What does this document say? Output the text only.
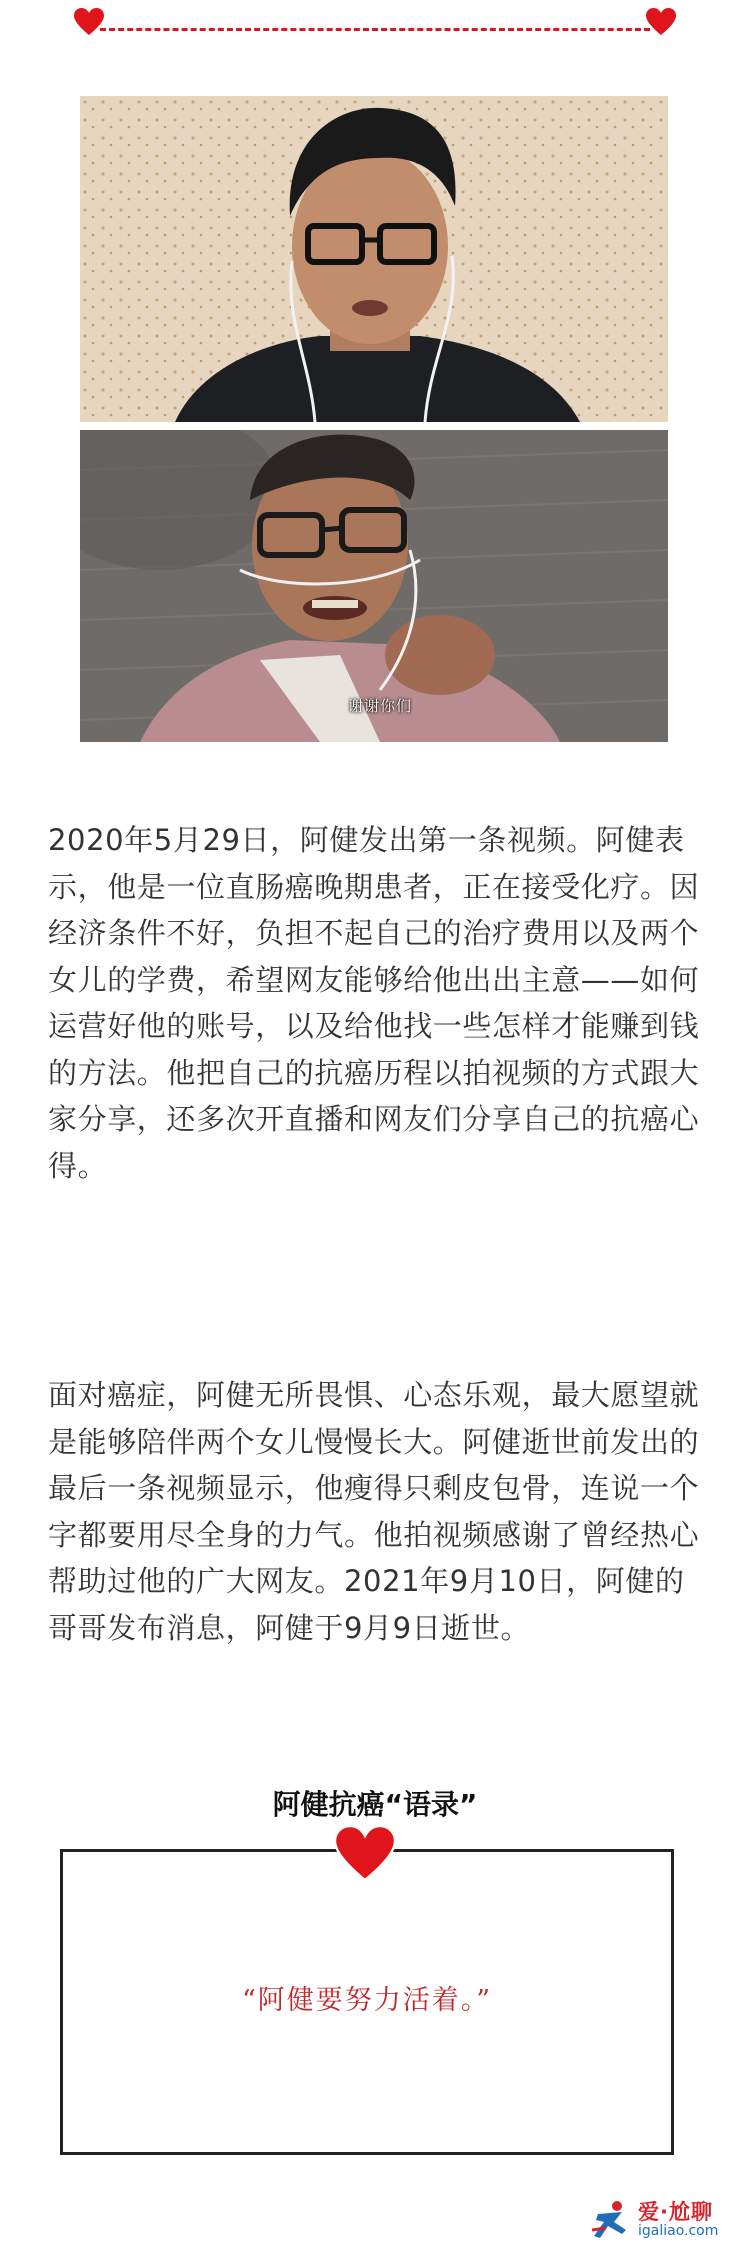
谢谢你们

2020年5月29日，阿健发出第一条视频。阿健表示，他是一位直肠癌晚期患者，正在接受化疗。因经济条件不好，负担不起自己的治疗费用以及两个女儿的学费，希望网友能够给他出出主意——如何运营好他的账号，以及给他找一些怎样才能赚到钱的方法。他把自己的抗癌历程以拍视频的方式跟大家分享，还多次开直播和网友们分享自己的抗癌心得。

面对癌症，阿健无所畏惧、心态乐观，最大愿望就是能够陪伴两个女儿慢慢长大。阿健逝世前发出的最后一条视频显示，他瘦得只剩皮包骨，连说一个字都要用尽全身的力气。他拍视频感谢了曾经热心帮助过他的广大网友。2021年9月10日，阿健的哥哥发布消息，阿健于9月9日逝世。

阿健抗癌“语录”
“阿健要努力活着。”
爱·尬聊
igaliao.com
